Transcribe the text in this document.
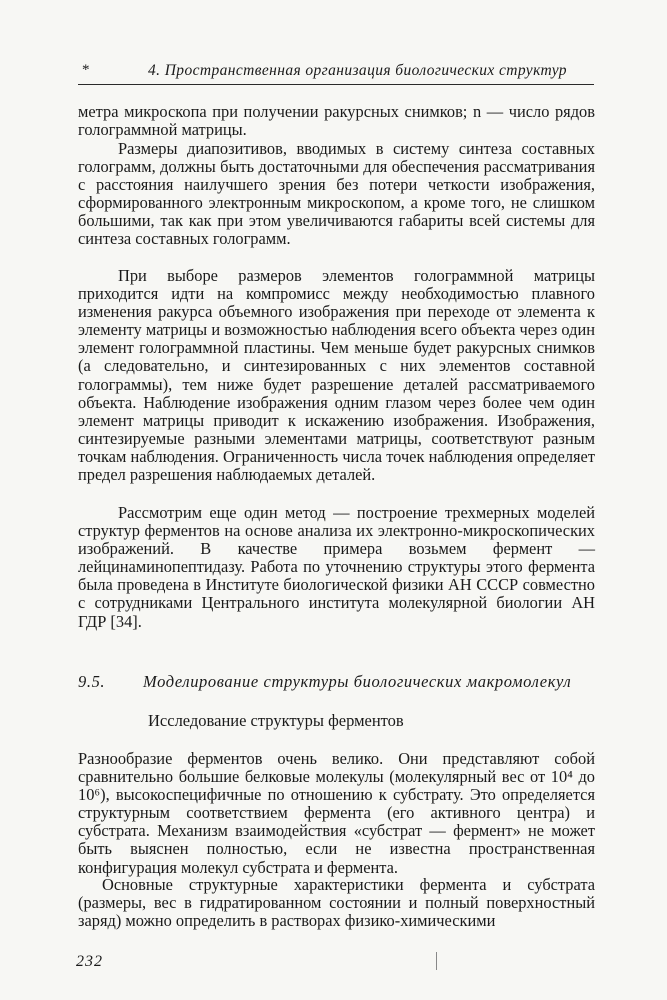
*	4. Пространственная организация биологических структур

метра микроскопа при получении ракурсных снимков; n — число рядов голограммной матрицы.

Размеры диапозитивов, вводимых в систему синтеза составных голограмм, должны быть достаточными для обеспечения рассматривания с расстояния наилучшего зрения без потери четкости изображения, сформированного электронным микроскопом, а кроме того, не слишком большими, так как при этом увеличиваются габариты всей системы для синтеза составных голограмм.

При выборе размеров элементов голограммной матрицы приходится идти на компромисс между необходимостью плавного изменения ракурса объемного изображения при переходе от элемента к элементу матрицы и возможностью наблюдения всего объекта через один элемент голограммной пластины. Чем меньше будет ракурсных снимков (а следовательно, и синтезированных с них элементов составной голограммы), тем ниже будет разрешение деталей рассматриваемого объекта. Наблюдение изображения одним глазом через более чем один элемент матрицы приводит к искажению изображения. Изображения, синтезируемые разными элементами матрицы, соответствуют разным точкам наблюдения. Ограниченность числа точек наблюдения определяет предел разрешения наблюдаемых деталей.

Рассмотрим еще один метод — построение трехмерных моделей структур ферментов на основе анализа их электронно-микроскопических изображений. В качестве примера возьмем фермент — лейцинаминопептидазу. Работа по уточнению структуры этого фермента была проведена в Институте биологической физики АН СССР совместно с сотрудниками Центрального института молекулярной биологии АН ГДР [34].

9.5. Моделирование структуры биологических макромолекул
Исследование структуры ферментов

Разнообразие ферментов очень велико. Они представляют собой сравнительно большие белковые молекулы (молекулярный вес от 10⁴ до 10⁶), высокоспецифичные по отношению к субстрату. Это определяется структурным соответствием фермента (его активного центра) и субстрата. Механизм взаимодействия «субстрат — фермент» не может быть выяснен полностью, если не известна пространственная конфигурация молекул субстрата и фермента.

Основные структурные характеристики фермента и субстрата (размеры, вес в гидратированном состоянии и полный поверхностный заряд) можно определить в растворах физико-химическими

232
